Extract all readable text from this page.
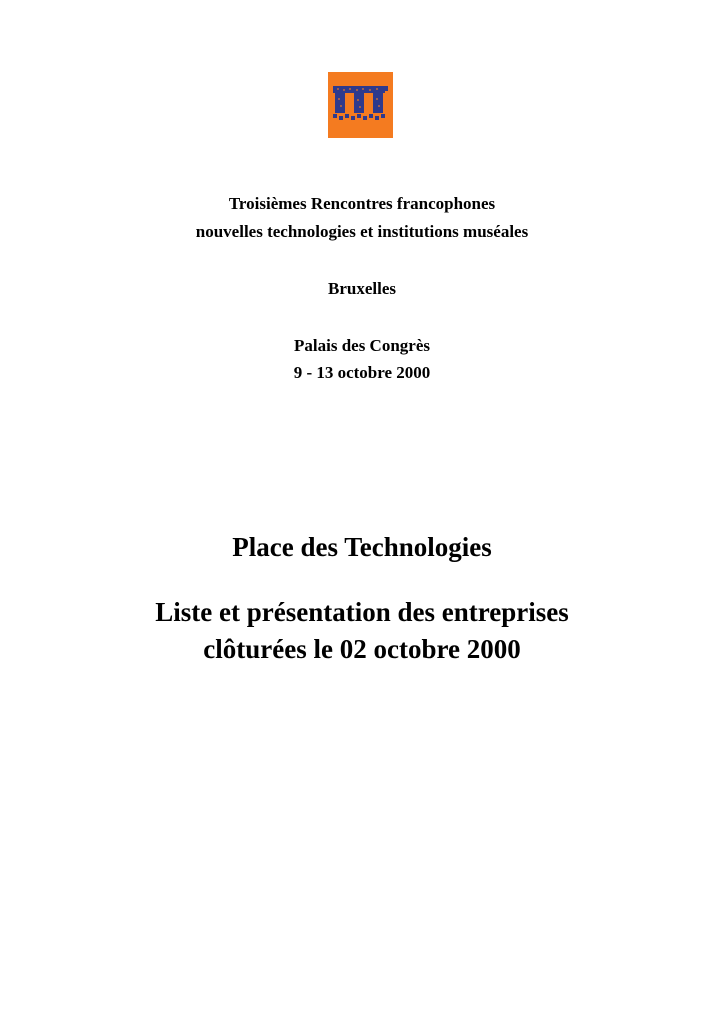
Troisièmes Rencontres francophones
nouvelles technologies et institutions muséales
Bruxelles
Palais des Congrès
9 - 13 octobre 2000
Place des Technologies
Liste et présentation des entreprises
clôturées le 02 octobre 2000
